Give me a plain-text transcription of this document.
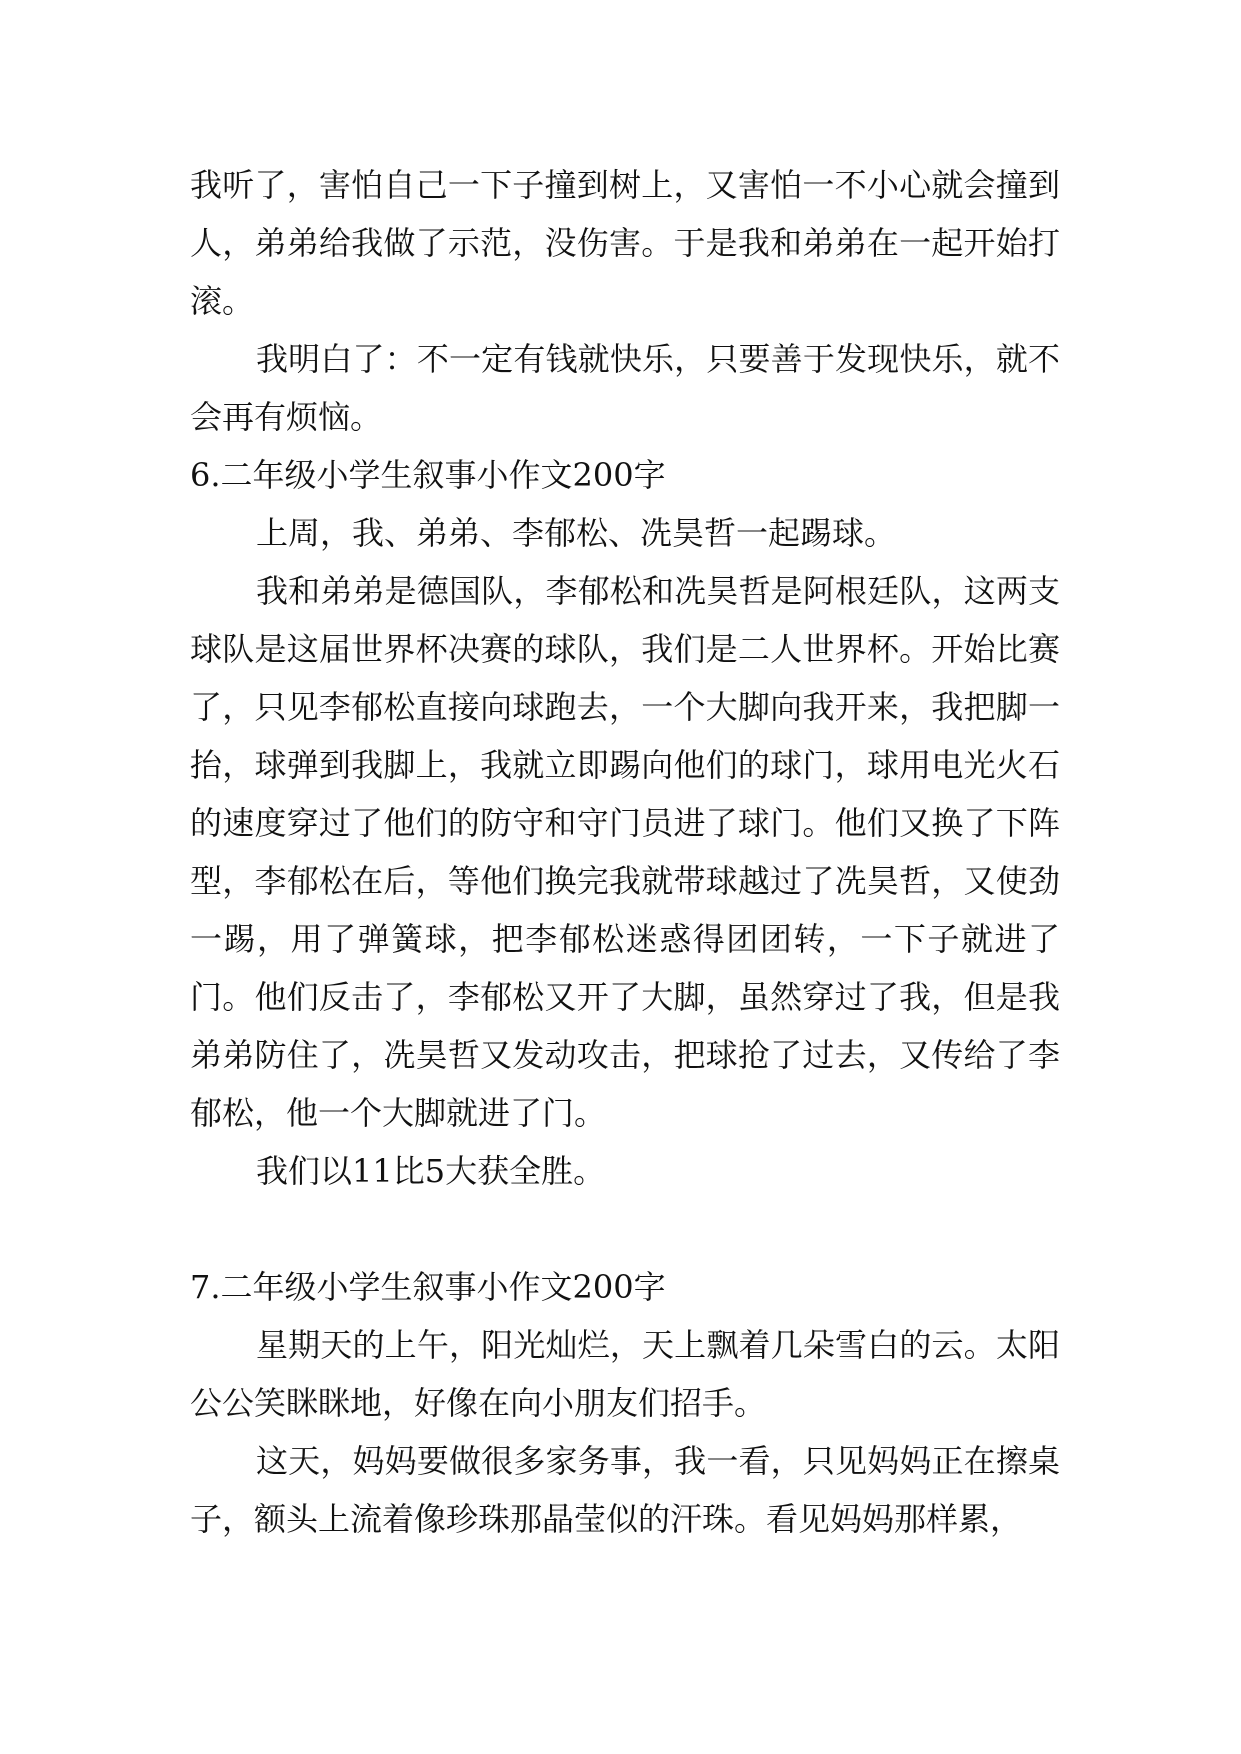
我听了，害怕自己一下子撞到树上，又害怕一不小心就会撞到人，弟弟给我做了示范，没伤害。于是我和弟弟在一起开始打滚。

我明白了：不一定有钱就快乐，只要善于发现快乐，就不会再有烦恼。

6.二年级小学生叙事小作文200字

上周，我、弟弟、李郁松、冼昊哲一起踢球。

我和弟弟是德国队，李郁松和冼昊哲是阿根廷队，这两支球队是这届世界杯决赛的球队，我们是二人世界杯。开始比赛了，只见李郁松直接向球跑去，一个大脚向我开来，我把脚一抬，球弹到我脚上，我就立即踢向他们的球门，球用电光火石的速度穿过了他们的防守和守门员进了球门。他们又换了下阵型，李郁松在后，等他们换完我就带球越过了冼昊哲，又使劲一踢，用了弹簧球，把李郁松迷惑得团团转，一下子就进了门。他们反击了，李郁松又开了大脚，虽然穿过了我，但是我弟弟防住了，冼昊哲又发动攻击，把球抢了过去，又传给了李郁松，他一个大脚就进了门。

我们以11比5大获全胜。

7.二年级小学生叙事小作文200字

星期天的上午，阳光灿烂，天上飘着几朵雪白的云。太阳公公笑眯眯地，好像在向小朋友们招手。

这天，妈妈要做很多家务事，我一看，只见妈妈正在擦桌子，额头上流着像珍珠那晶莹似的汗珠。看见妈妈那样累，
